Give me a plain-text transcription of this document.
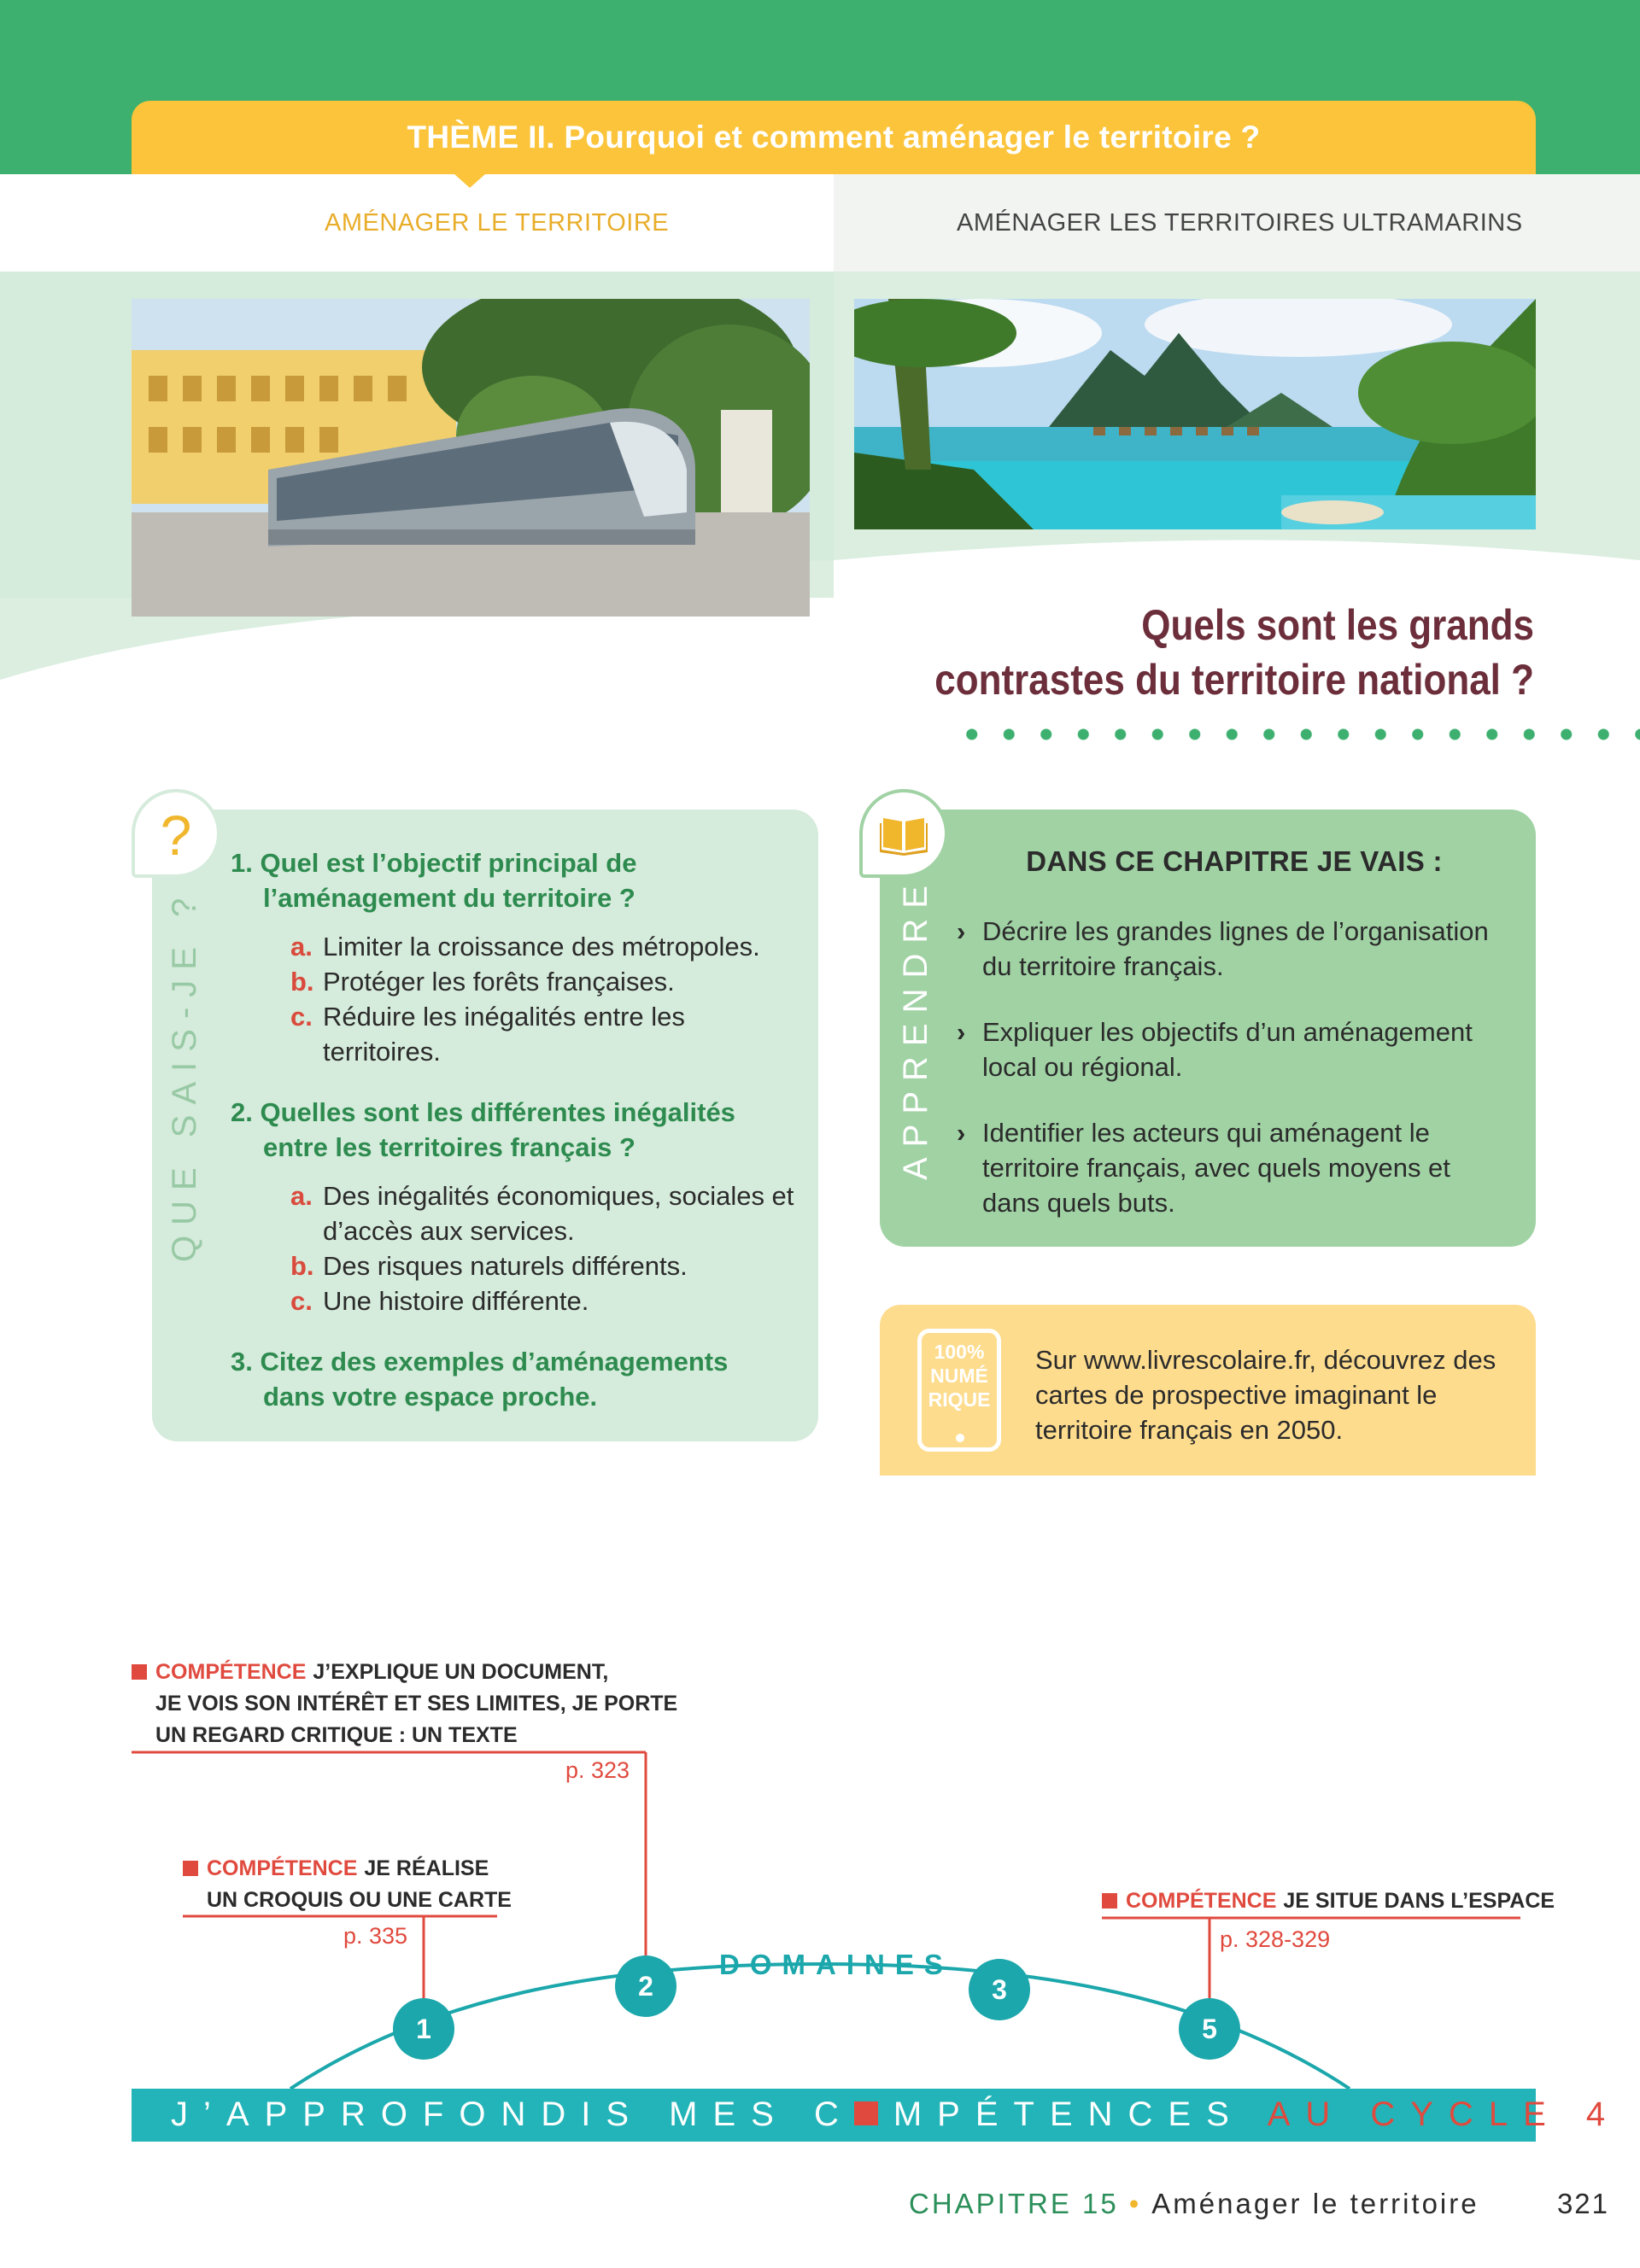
THÈME II. Pourquoi et comment aménager le territoire ?
AMÉNAGER LE TERRITOIRE	AMÉNAGER LES TERRITOIRES ULTRAMARINS
Quels sont les grands
contrastes du territoire national ?
?
QUE SAIS-JE ?
1. Quel est l’objectif principal de l’aménagement du territoire ?
a. Limiter la croissance des métropoles.
b. Protéger les forêts françaises.
c. Réduire les inégalités entre les territoires.
2. Quelles sont les différentes inégalités entre les territoires français ?
a. Des inégalités économiques, sociales et d’accès aux services.
b. Des risques naturels différents.
c. Une histoire différente.
3. Citez des exemples d’aménagements dans votre espace proche.
APPRENDRE
DANS CE CHAPITRE JE VAIS :
› Décrire les grandes lignes de l’organisation du territoire français.
› Expliquer les objectifs d’un aménagement local ou régional.
› Identifier les acteurs qui aménagent le territoire français, avec quels moyens et dans quels buts.
100%
NUMÉ
RIQUE
Sur www.livrescolaire.fr, découvrez des cartes de prospective imaginant le territoire français en 2050.
COMPÉTENCE J’EXPLIQUE UN DOCUMENT,
JE VOIS SON INTÉRÊT ET SES LIMITES, JE PORTE
UN REGARD CRITIQUE : UN TEXTE
p. 323
COMPÉTENCE JE RÉALISE
UN CROQUIS OU UNE CARTE
p. 335
COMPÉTENCE JE SITUE DANS L’ESPACE
p. 328-329
DOMAINES
1
2	3
5
J’APPROFONDIS MES C MPÉTENCES AU CYCLE 4
CHAPITRE 15 • Aménager le territoire	321
